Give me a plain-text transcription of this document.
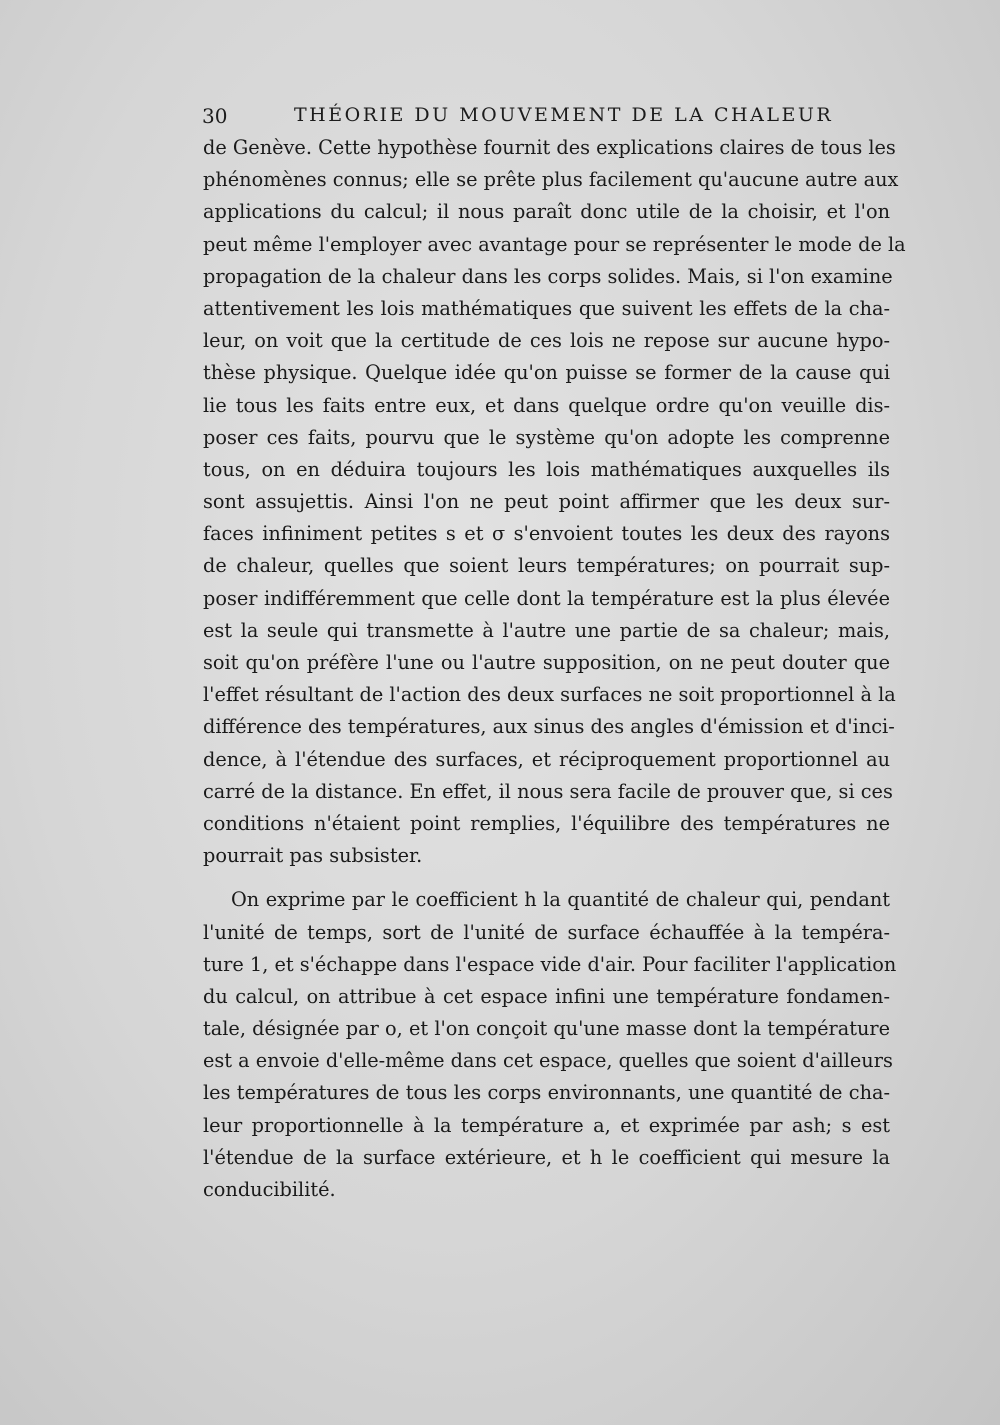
30	THÉORIE DU MOUVEMENT DE LA CHALEUR
de Genève. Cette hypothèse fournit des explications claires de tous les
phénomènes connus; elle se prête plus facilement qu'aucune autre aux
applications du calcul; il nous paraît donc utile de la choisir, et l'on
peut même l'employer avec avantage pour se représenter le mode de la
propagation de la chaleur dans les corps solides. Mais, si l'on examine
attentivement les lois mathématiques que suivent les effets de la cha-
leur, on voit que la certitude de ces lois ne repose sur aucune hypo-
thèse physique. Quelque idée qu'on puisse se former de la cause qui
lie tous les faits entre eux, et dans quelque ordre qu'on veuille dis-
poser ces faits, pourvu que le système qu'on adopte les comprenne
tous, on en déduira toujours les lois mathématiques auxquelles ils
sont assujettis. Ainsi l'on ne peut point affirmer que les deux sur-
faces infiniment petites s et σ s'envoient toutes les deux des rayons
de chaleur, quelles que soient leurs températures; on pourrait sup-
poser indifféremment que celle dont la température est la plus élevée
est la seule qui transmette à l'autre une partie de sa chaleur; mais,
soit qu'on préfère l'une ou l'autre supposition, on ne peut douter que
l'effet résultant de l'action des deux surfaces ne soit proportionnel à la
différence des températures, aux sinus des angles d'émission et d'inci-
dence, à l'étendue des surfaces, et réciproquement proportionnel au
carré de la distance. En effet, il nous sera facile de prouver que, si ces
conditions n'étaient point remplies, l'équilibre des températures ne
pourrait pas subsister.
On exprime par le coefficient h la quantité de chaleur qui, pendant
l'unité de temps, sort de l'unité de surface échauffée à la tempéra-
ture 1, et s'échappe dans l'espace vide d'air. Pour faciliter l'application
du calcul, on attribue à cet espace infini une température fondamen-
tale, désignée par o, et l'on conçoit qu'une masse dont la température
est a envoie d'elle-même dans cet espace, quelles que soient d'ailleurs
les températures de tous les corps environnants, une quantité de cha-
leur proportionnelle à la température a, et exprimée par ash; s est
l'étendue de la surface extérieure, et h le coefficient qui mesure la
conducibilité.
